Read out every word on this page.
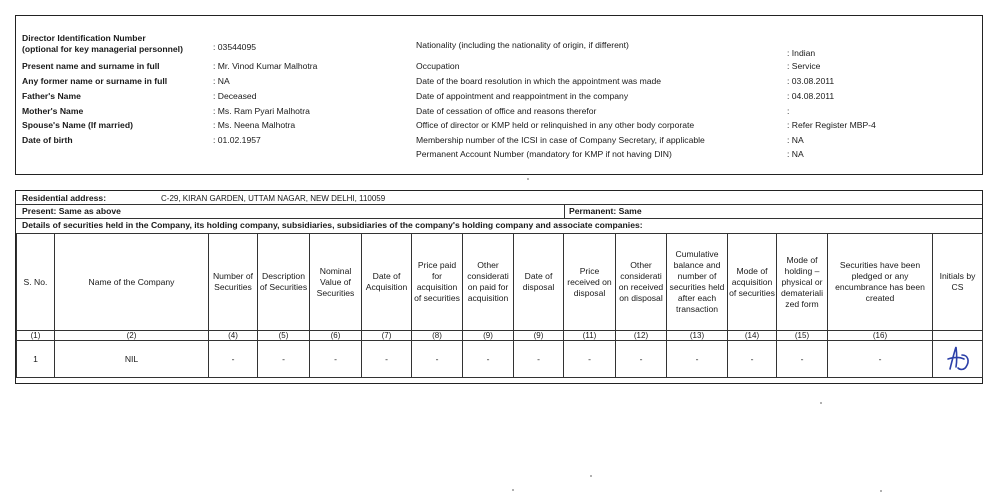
Director Identification Number
(optional for key managerial personnel)	: 03544095
Present name and surname in full	: Mr. Vinod Kumar Malhotra
Any former name or surname in full	: NA
Father's Name	: Deceased
Mother's Name	: Ms. Ram Pyari Malhotra
Spouse's Name (If married)	: Ms. Neena Malhotra
Date of birth	: 01.02.1957
Nationality (including the nationality of origin, if different)
: Indian
Occupation	: Service
Date of the board resolution in which the appointment was made	: 03.08.2011
Date of appointment and reappointment in the company	: 04.08.2011
Date of cessation of office and reasons therefor	:
Office of director or KMP held or relinquished in any other body corporate	: Refer Register MBP-4
Membership number of the ICSI in case of Company Secretary, if applicable	: NA
Permanent Account Number (mandatory for KMP if not having DIN)	: NA
Residential address:	C-29, KIRAN GARDEN, UTTAM NAGAR, NEW DELHI, 110059
Present: Same as above	Permanent: Same
Details of securities held in the Company, its holding company, subsidiaries, subsidiaries of the company's holding company and associate companies:
S. No.	Name of the Company	Number of Securities	Description of Securities	Nominal Value of Securities	Date of Acquisition	Price paid for acquisition of securities	Other considerati on paid for acquisition	Date of disposal	Price received on disposal	Other considerati on received on disposal	Cumulative balance and number of securities held after each transaction	Mode of acquisition of securities	Mode of holding – physical or demateriali zed form	Securities have been pledged or any encumbrance has been created	Initials by CS
(1)	(2)	(4)	(5)	(6)	(7)	(8)	(9)	(9)	(11)	(12)	(13)	(14)	(15)	(16)	
1	NIL	-	-	-	-	-	-	-	-	-	-	-	-	-	
